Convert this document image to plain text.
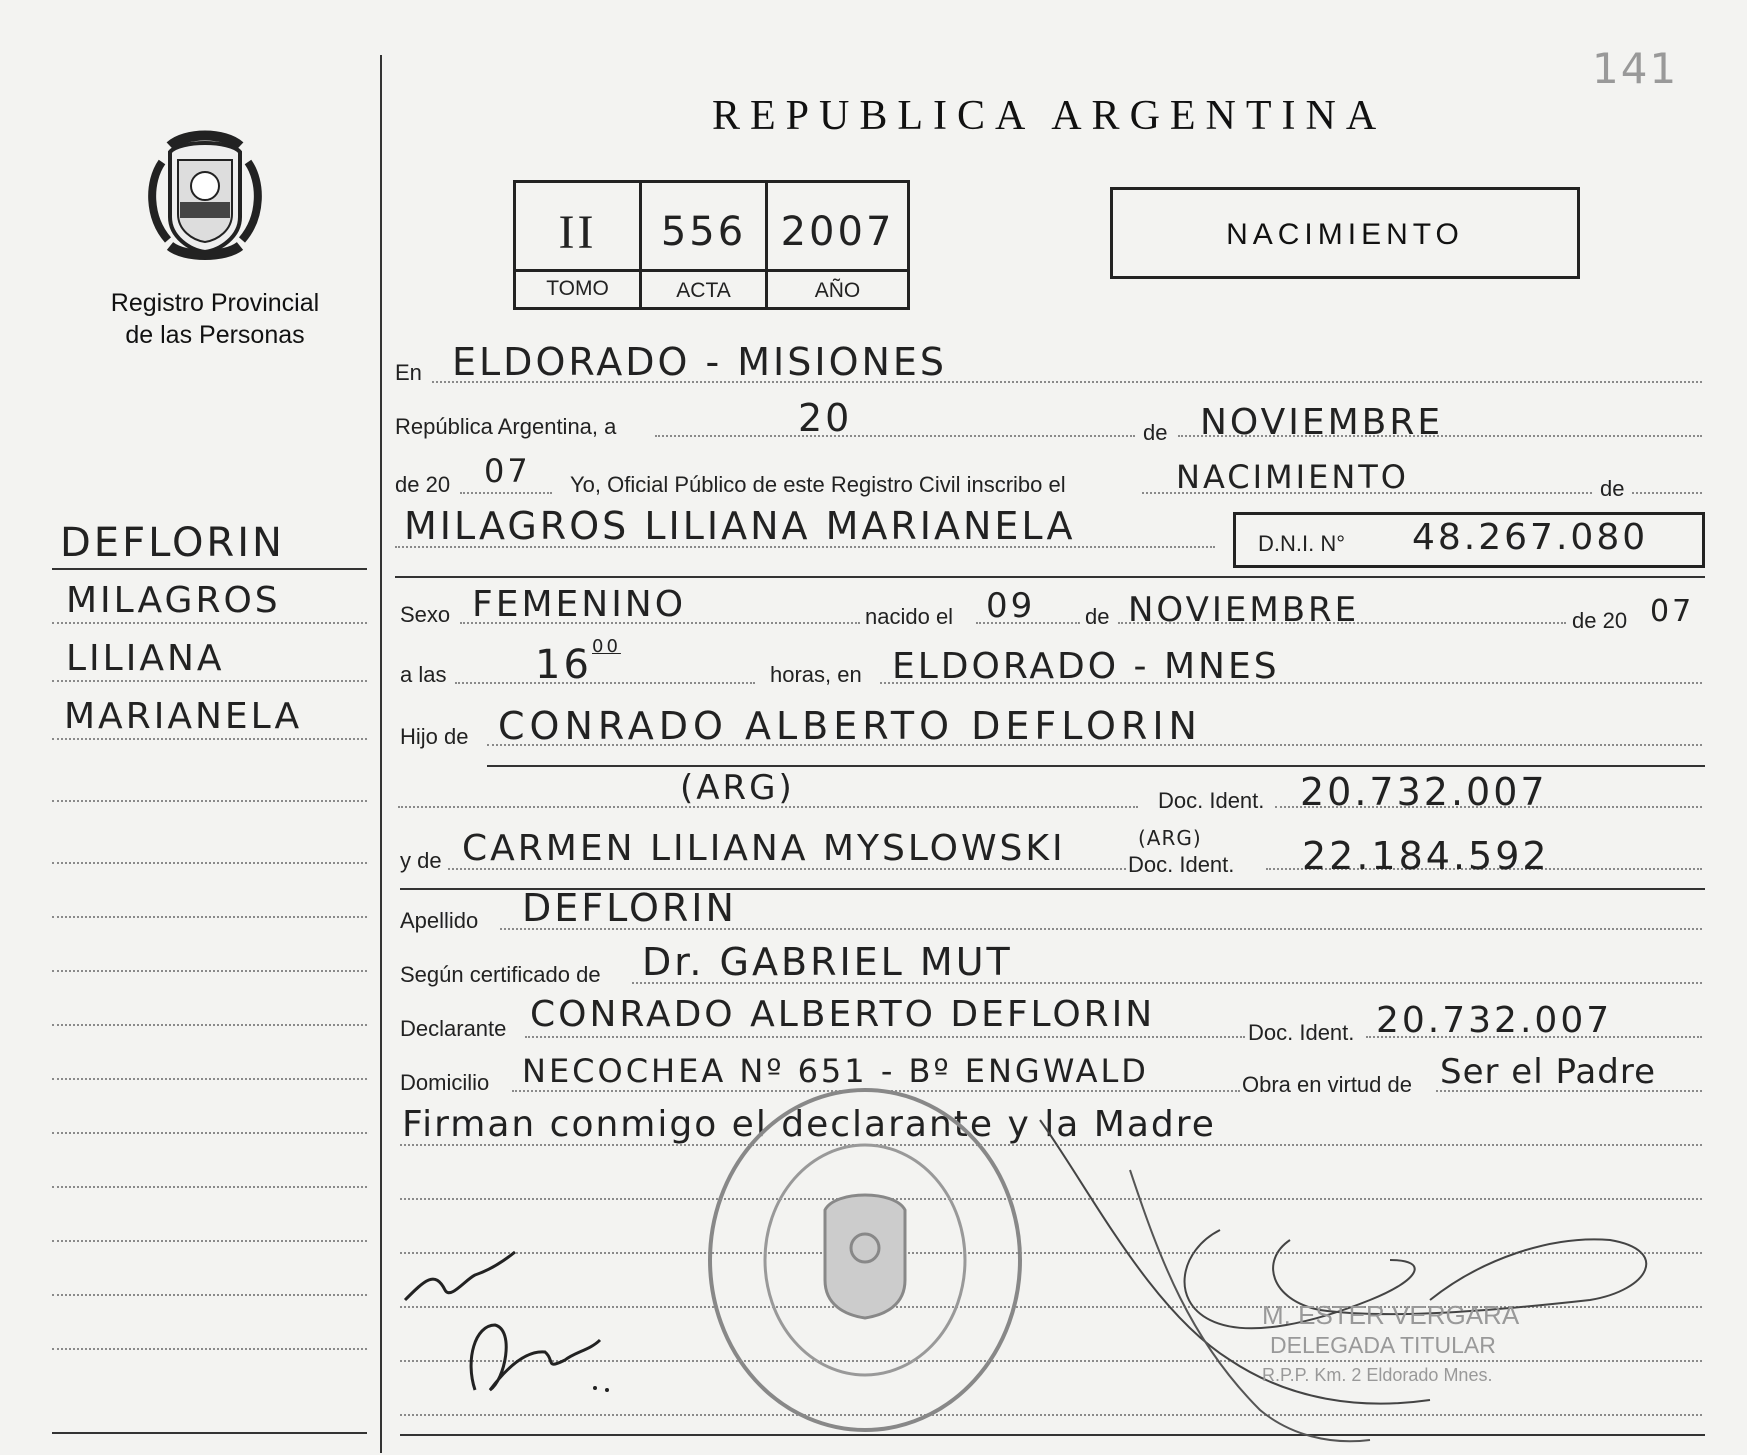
141
Registro Provincial
de las Personas
DEFLORIN
MILAGROS
LILIANA
MARIANELA
REPUBLICA ARGENTINA
II	556 2007
TOMO	ACTA	AÑO
NACIMIENTO
En ELDORADO - MISIONES
República Argentina, a	20	de NOVIEMBRE
de 20 07 Yo, Oficial Público de este Registro Civil inscribo el	NACIMIENTO	de
MILAGROS LILIANA MARIANELA	D.N.I. N° 48.267.080
Sexo FEMENINO	nacido el 09 de NOVIEMBRE	de 20 07
a las 16 00
horas, en ELDORADO - MNES
Hijo de CONRADO ALBERTO DEFLORIN
(ARG)	Doc. Ident. 20.732.007
y de CARMEN LILIANA MYSLOWSKI	(ARG)
Doc. Ident. 22.184.592
Apellido DEFLORIN
Según certificado de Dr. GABRIEL MUT
Declarante CONRADO ALBERTO DEFLORIN	Doc. Ident. 20.732.007
Domicilio NECOCHEA Nº 651 - Bº ENGWALD	Obra en virtud de Ser el Padre
Firman conmigo el declarante y la Madre
M. ESTER VERGARA
DELEGADA TITULAR
R.P.P. Km. 2 Eldorado Mnes.
